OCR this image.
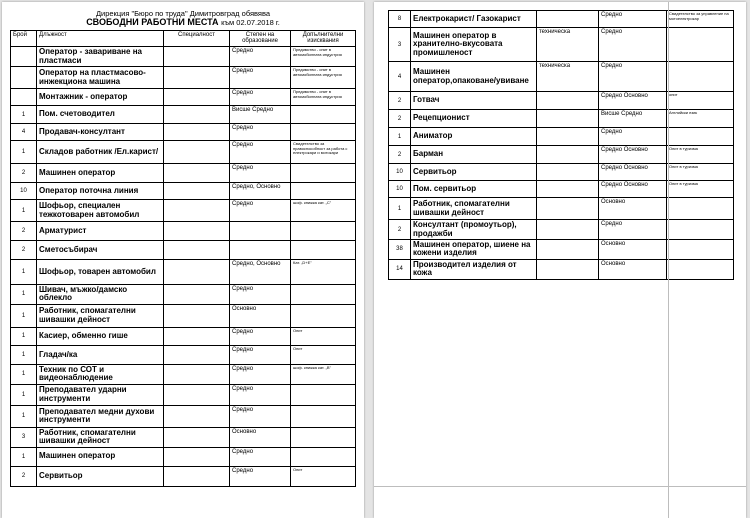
Дирекция "Бюро по труда" Димитровград обявява
СВОБОДНИ РАБОТНИ МЕСТА към 02.07.2018 г.
Брой	Длъжност	Специалност	Степен на образование	Допълнителни изисквания
	Оператор - завариване на пластмаси		Средно	Предимство - опит в автомобилната индустрия
	Оператор на пластмасово-инжекциона машина		Средно	Предимство - опит в автомобилната индустрия
	Монтажник - оператор		Средно	Предимство - опит в автомобилната индустрия
1	Пом. счетоводител		Висше Средно	
4	Продавач-консултант		Средно	
1	Складов работник /Ел.карист/		Средно	Свидетелство за правоспособност за работа с електрокари и мотокари
2	Машинен оператор		Средно	
10	Оператор поточна линия		Средно, Основно	
1	Шофьор, специален тежкотоварен автомобил		Средно	шоф. книжка кат. „С"
2	Арматурист			
2	Сметосъбирач			
1	Шофьор, товарен автомобил		Средно, Основно	Кат. „D+E"
1	Шивач, мъжко/дамско облекло		Средно	
1	Работник, спомагателни шивашки дейност		Основно	
1	Касиер, обменно гише		Средно	Опит
1	Гладач/ка		Средно	Опит
1	Техник по СОТ и видеонаблюдение		Средно	шоф. книжка кат. „В"
1	Преподавател ударни инструменти		Средно	
1	Преподавател медни духови инструменти		Средно	
3	Работник, спомагателни шивашки дейност		Основно	
1	Машинен оператор		Средно	
2	Сервитьор		Средно	Опит
8	Електрокарист/ Газокарист		Средно	Свидетелство за управление на мотоелектрокар
3	Машинен оператор в хранително-вкусовата промишленост	техническа	Средно	
4	Машинен оператор,опаковане/увиване	техническа	Средно	
2	Готвач		Средно Основно	опит
2	Рецепционист		Висше Средно	Английски език
1	Аниматор		Средно	
2	Барман		Средно Основно	Опит в туризма
10	Сервитьор		Средно Основно	Опит в туризма
10	Пом. сервитьор		Средно Основно	Опит в туризма
1	Работник, спомагателни шивашки дейност		Основно	
2	Консултант (промоутьор), продажби		Средно	
38	Машинен оператор, шиене на кожени изделия		Основно	
14	Производител изделия от кожа		Основно	
